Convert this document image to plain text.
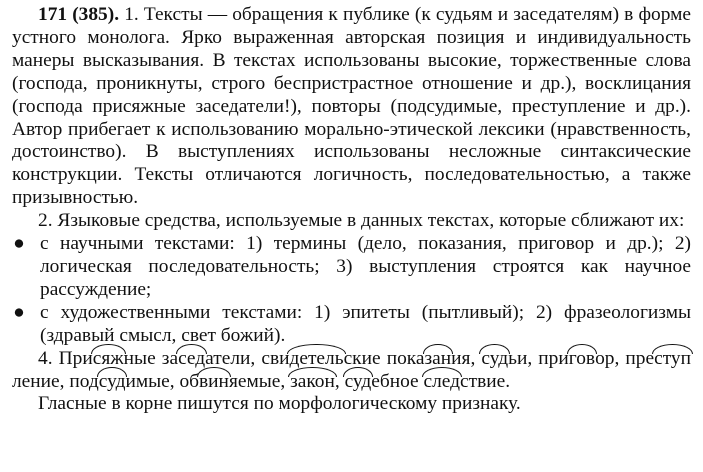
171 (385). 1. Тексты — обращения к публике (к судьям и заседателям) в форме устного монолога. Ярко выраженная авторская позиция и индивидуальность манеры высказывания. В текстах использованы высокие, торжественные слова (господа, проникнуты, строго беспристрастное отношение и др.), восклицания (господа присяжные заседатели!), повторы (подсудимые, преступление и др.). Автор прибегает к использованию морально-этической лексики (нравственность, достоинство). В выступлениях использованы несложные синтаксические конструкции. Тексты отличаются логичность, последовательностью, а также призывностью.

2. Языковые средства, используемые в данных текстах, которые сближают их:

● с научными текстами: 1) термины (дело, показания, приговор и др.); 2) логическая последовательность; 3) выступления строятся как научное рассуждение;

● с художественными текстами: 1) эпитеты (пытливый); 2) фразеологизмы (здравый смысл, свет божий).

4. Присяж
ные засед
атели, свидетель
ские показан
ия, суд
ьи, пригов
ор, преступ
ление, подсуд
имые, обвин
яемые, закон
, суд
ебное след
ствие.

Гласные в корне пишутся по морфологическому признаку.
